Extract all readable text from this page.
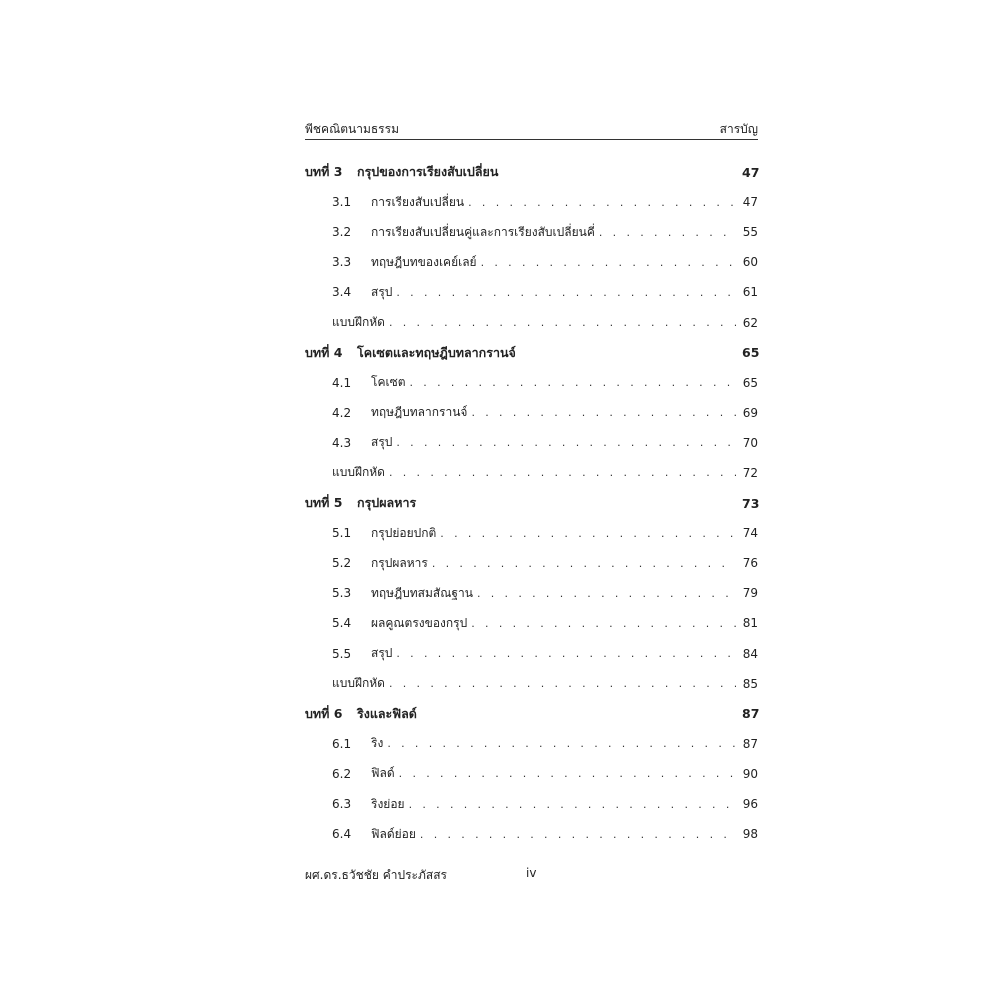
พีชคณิตนามธรรม	สารบัญ
บทที่ 3	กรุปของการเรียงสับเปลี่ยน	47
3.1	การเรียงสับเปลี่ยน . . .	47
3.2	การเรียงสับเปลี่ยนคู่และการเรียงสับเปลี่ยนคี่ . . .	55
3.3	ทฤษฎีบทของเคย์เลย์ . . .	60
3.4	สรุป . . .	61
แบบฝึกหัด . . .	62
บทที่ 4	โคเซตและทฤษฎีบทลากรานจ์	65
4.1	โคเซต . . .	65
4.2	ทฤษฎีบทลากรานจ์ . . .	69
4.3	สรุป . . .	70
แบบฝึกหัด . . .	72
บทที่ 5	กรุปผลหาร	73
5.1	กรุปย่อยปกติ . . .	74
5.2	กรุปผลหาร . . .	76
5.3	ทฤษฎีบทสมสัณฐาน . . .	79
5.4	ผลคูณตรงของกรุป . . .	81
5.5	สรุป . . .	84
แบบฝึกหัด . . .	85
บทที่ 6	ริงและฟิลด์	87
6.1	ริง . . .	87
6.2	ฟิลด์ . . .	90
6.3	ริงย่อย . . .	96
6.4	ฟิลด์ย่อย . . .	98
ผศ.ดร.ธวัชชัย คำประภัสสร	iv
